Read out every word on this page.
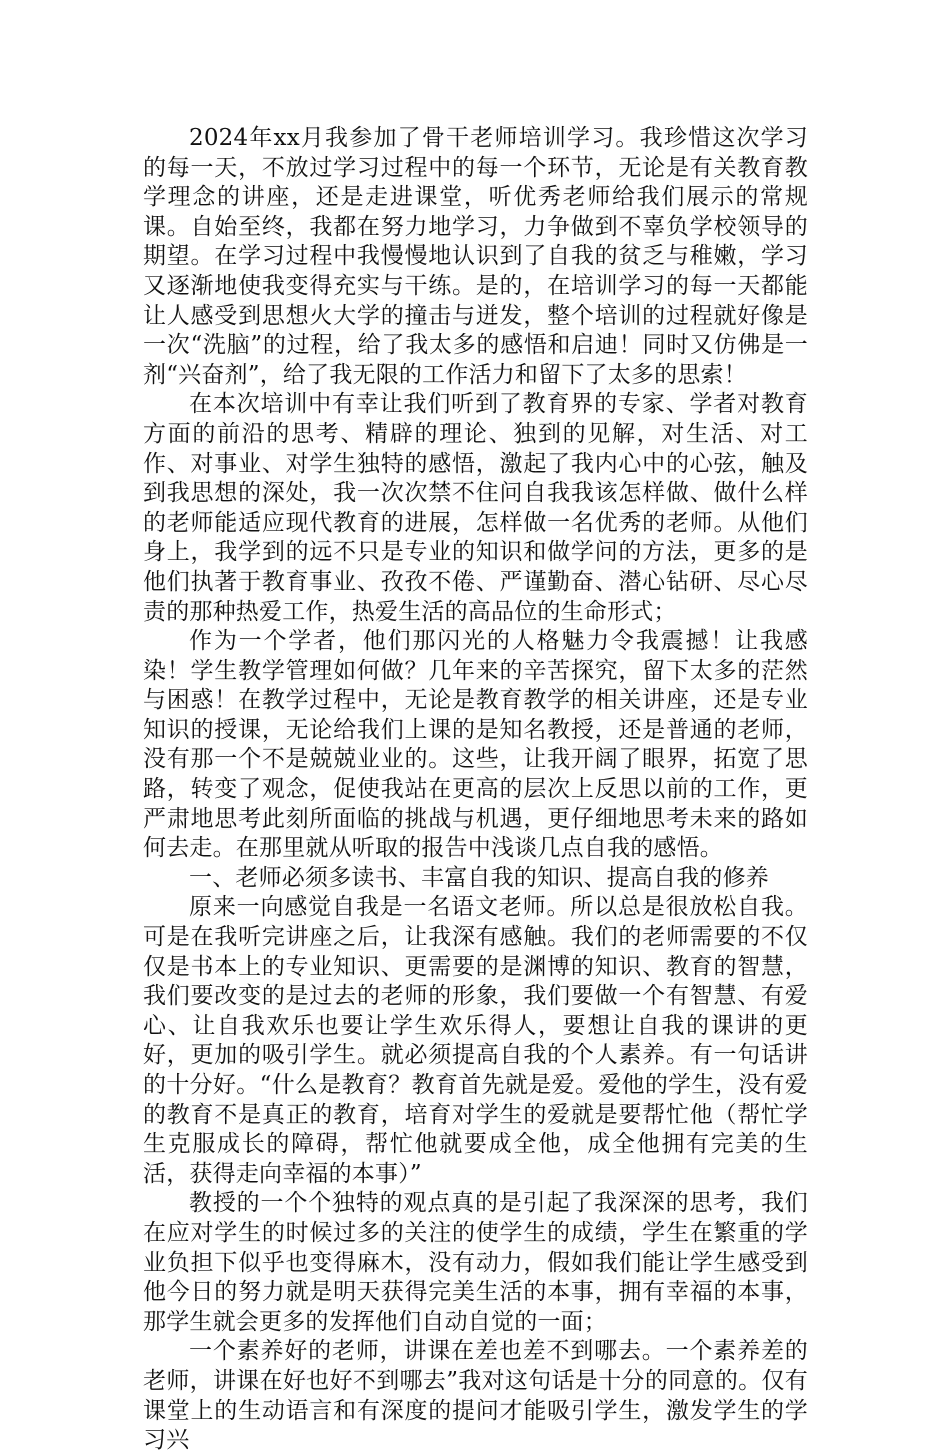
2024年xx月我参加了骨干老师培训学习。我珍惜这次学习的每一天，不放过学习过程中的每一个环节，无论是有关教育教学理念的讲座，还是走进课堂，听优秀老师给我们展示的常规课。自始至终，我都在努力地学习，力争做到不辜负学校领导的期望。在学习过程中我慢慢地认识到了自我的贫乏与稚嫩，学习又逐渐地使我变得充实与干练。是的，在培训学习的每一天都能让人感受到思想火大学的撞击与迸发，整个培训的过程就好像是一次“洗脑”的过程，给了我太多的感悟和启迪！同时又仿佛是一剂“兴奋剂”，给了我无限的工作活力和留下了太多的思索！

在本次培训中有幸让我们听到了教育界的专家、学者对教育方面的前沿的思考、精辟的理论、独到的见解，对生活、对工作、对事业、对学生独特的感悟，激起了我内心中的心弦，触及到我思想的深处，我一次次禁不住问自我我该怎样做、做什么样的老师能适应现代教育的进展，怎样做一名优秀的老师。从他们身上，我学到的远不只是专业的知识和做学问的方法，更多的是他们执著于教育事业、孜孜不倦、严谨勤奋、潜心钻研、尽心尽责的那种热爱工作，热爱生活的高品位的生命形式；

作为一个学者，他们那闪光的人格魅力令我震撼！让我感染！学生教学管理如何做？几年来的辛苦探究，留下太多的茫然与困惑！在教学过程中，无论是教育教学的相关讲座，还是专业知识的授课，无论给我们上课的是知名教授，还是普通的老师，没有那一个不是兢兢业业的。这些，让我开阔了眼界，拓宽了思路，转变了观念，促使我站在更高的层次上反思以前的工作，更严肃地思考此刻所面临的挑战与机遇，更仔细地思考未来的路如何去走。在那里就从听取的报告中浅谈几点自我的感悟。

一、老师必须多读书、丰富自我的知识、提高自我的修养

原来一向感觉自我是一名语文老师。所以总是很放松自我。可是在我听完讲座之后，让我深有感触。我们的老师需要的不仅仅是书本上的专业知识、更需要的是渊博的知识、教育的智慧，我们要改变的是过去的老师的形象，我们要做一个有智慧、有爱心、让自我欢乐也要让学生欢乐得人，要想让自我的课讲的更好，更加的吸引学生。就必须提高自我的个人素养。有一句话讲的十分好。“什么是教育？教育首先就是爱。爱他的学生，没有爱的教育不是真正的教育，培育对学生的爱就是要帮忙他（帮忙学生克服成长的障碍，帮忙他就要成全他，成全他拥有完美的生活，获得走向幸福的本事）”

教授的一个个独特的观点真的是引起了我深深的思考，我们在应对学生的时候过多的关注的使学生的成绩，学生在繁重的学业负担下似乎也变得麻木，没有动力，假如我们能让学生感受到他今日的努力就是明天获得完美生活的本事，拥有幸福的本事，那学生就会更多的发挥他们自动自觉的一面；

一个素养好的老师，讲课在差也差不到哪去。一个素养差的老师，讲课在好也好不到哪去”我对这句话是十分的同意的。仅有课堂上的生动语言和有深度的提问才能吸引学生，激发学生的学习兴
